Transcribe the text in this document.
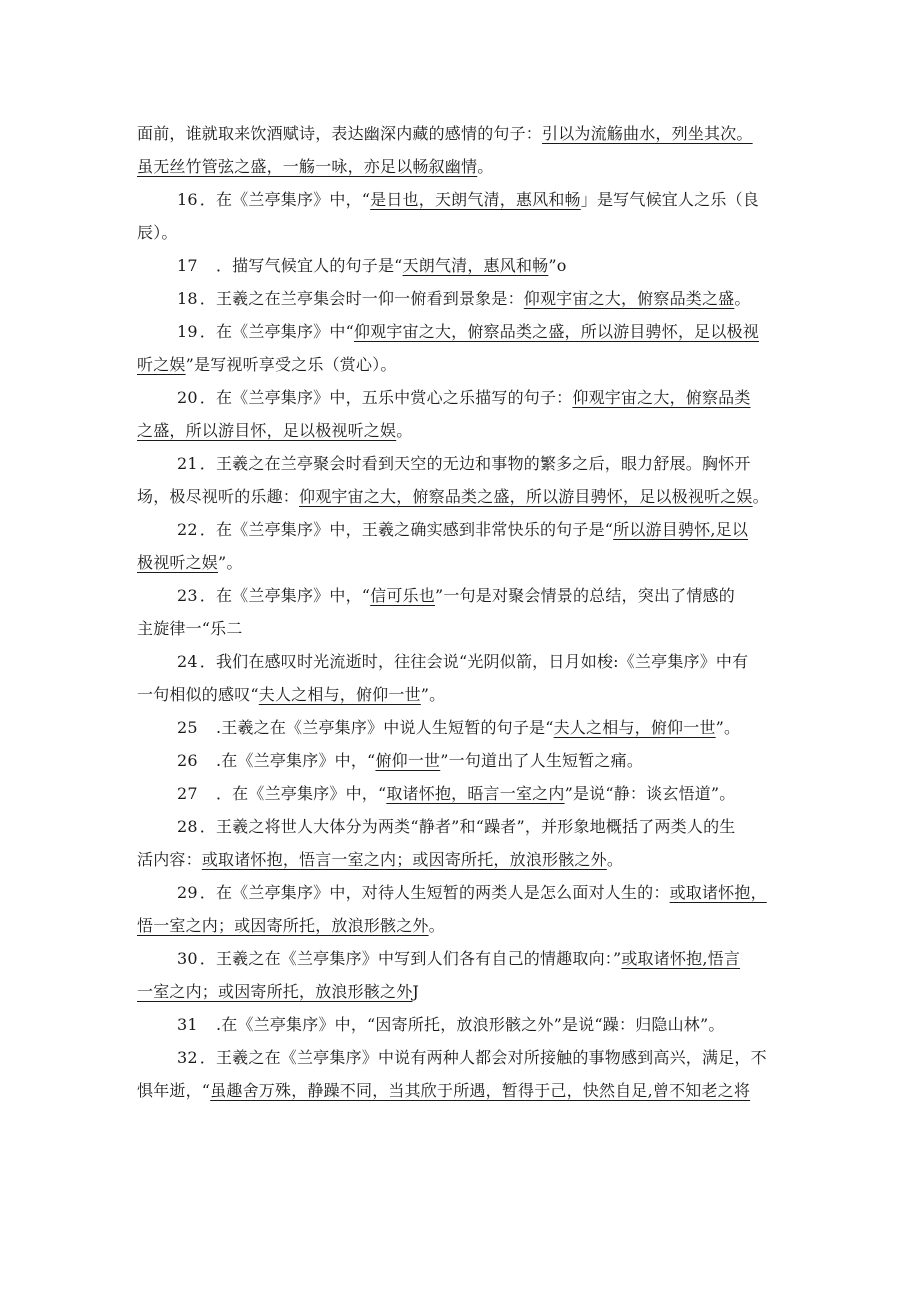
面前，谁就取来饮酒赋诗，表达幽深内藏的感情的句子：引以为流觞曲水，列坐其次。
虽无丝竹管弦之盛，一觞一咏，亦足以畅叙幽情。
16 ．在《兰亭集序》中，“是日也，天朗气清，惠风和畅」是写气候宜人之乐（良
辰）。
17　．描写气候宜人的句子是“天朗气清，惠风和畅”o
18 ．王羲之在兰亭集会时一仰一俯看到景象是：仰观宇宙之大，俯察品类之盛。
19 ．在《兰亭集序》中“仰观宇宙之大，俯察品类之盛，所以游目骋怀，足以极视
听之娱”是写视听享受之乐（赏心）。
20 ．在《兰亭集序》中，五乐中赏心之乐描写的句子：仰观宇宙之大，俯察品类
之盛，所以游目怀，足以极视听之娱。
21 ．王羲之在兰亭聚会时看到天空的无边和事物的繁多之后，眼力舒展。胸怀开
场，极尽视听的乐趣：仰观宇宙之大，俯察品类之盛，所以游目骋怀，足以极视听之娱。
22 ．在《兰亭集序》中，王羲之确实感到非常快乐的句子是“所以游目骋怀,足以
极视听之娱”。
23 ．在《兰亭集序》中，“信可乐也”一句是对聚会情景的总结，突出了情感的
主旋律一“乐二
24 ．我们在感叹时光流逝时，往往会说“光阴似箭，日月如梭:《兰亭集序》中有
一句相似的感叹“夫人之相与，俯仰一世”。
25　.王羲之在《兰亭集序》中说人生短暂的句子是“夫人之相与，俯仰一世”。
26　.在《兰亭集序》中，“俯仰一世”一句道出了人生短暂之痛。
27　．在《兰亭集序》中，“取诸怀抱，晤言一室之内”是说“静：谈玄悟道”。
28 ．王羲之将世人大体分为两类“静者”和“躁者”，并形象地概括了两类人的生
活内容：或取诸怀抱，悟言一室之内；或因寄所托，放浪形骸之外。
29 ．在《兰亭集序》中，对待人生短暂的两类人是怎么面对人生的：或取诸怀抱，
悟一室之内；或因寄所托，放浪形骸之外。
30 ．王羲之在《兰亭集序》中写到人们各有自己的情趣取向：”或取诸怀抱,悟言
一室之内；或因寄所托，放浪形骸之外J
31　.在《兰亭集序》中，“因寄所托，放浪形骸之外”是说“躁：归隐山林”。
32 ．王羲之在《兰亭集序》中说有两种人都会对所接触的事物感到高兴，满足，不
惧年逝，“虽趣舍万殊，静躁不同，当其欣于所遇，暂得于己，快然自足,曾不知老之将
